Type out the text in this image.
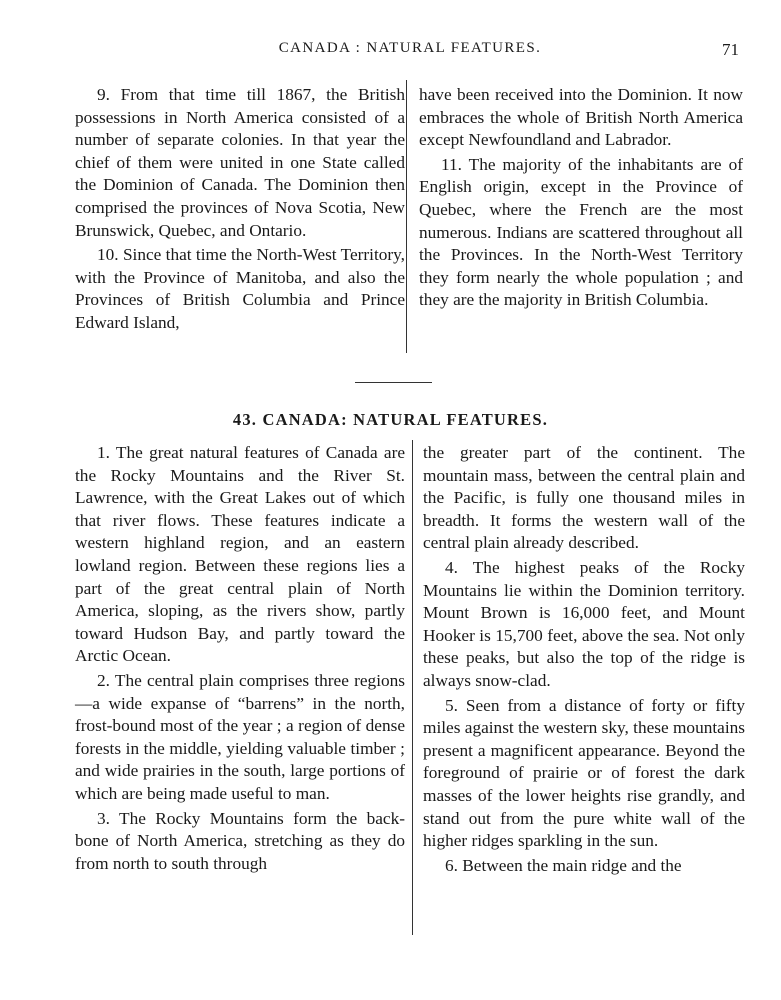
CANADA : NATURAL FEATURES.	71

9. From that time till 1867, the British possessions in North America consisted of a number of separate colonies. In that year the chief of them were united in one State called the Dominion of Canada. The Dominion then comprised the provinces of Nova Scotia, New Brunswick, Quebec, and Ontario.

10. Since that time the North-West Territory, with the Province of Manitoba, and also the Provinces of British Columbia and Prince Edward Island,

have been received into the Dominion. It now embraces the whole of British North America except Newfoundland and Labrador.

11. The majority of the inhabitants are of English origin, except in the Province of Quebec, where the French are the most numerous. Indians are scattered throughout all the Provinces. In the North-West Territory they form nearly the whole population ; and they are the majority in British Columbia.

43. CANADA: NATURAL FEATURES.

1. The great natural features of Canada are the Rocky Mountains and the River St. Lawrence, with the Great Lakes out of which that river flows. These features indicate a western highland region, and an eastern lowland region. Between these regions lies a part of the great central plain of North America, sloping, as the rivers show, partly toward Hudson Bay, and partly toward the Arctic Ocean.

2. The central plain comprises three regions—a wide expanse of “barrens” in the north, frost-bound most of the year ; a region of dense forests in the middle, yielding valuable timber ; and wide prairies in the south, large portions of which are being made useful to man.

3. The Rocky Mountains form the back-bone of North America, stretching as they do from north to south through

the greater part of the continent. The mountain mass, between the central plain and the Pacific, is fully one thousand miles in breadth. It forms the western wall of the central plain already described.

4. The highest peaks of the Rocky Mountains lie within the Dominion territory. Mount Brown is 16,000 feet, and Mount Hooker is 15,700 feet, above the sea. Not only these peaks, but also the top of the ridge is always snow-clad.

5. Seen from a distance of forty or fifty miles against the western sky, these mountains present a magnificent appearance. Beyond the foreground of prairie or of forest the dark masses of the lower heights rise grandly, and stand out from the pure white wall of the higher ridges sparkling in the sun.

6. Between the main ridge and the
